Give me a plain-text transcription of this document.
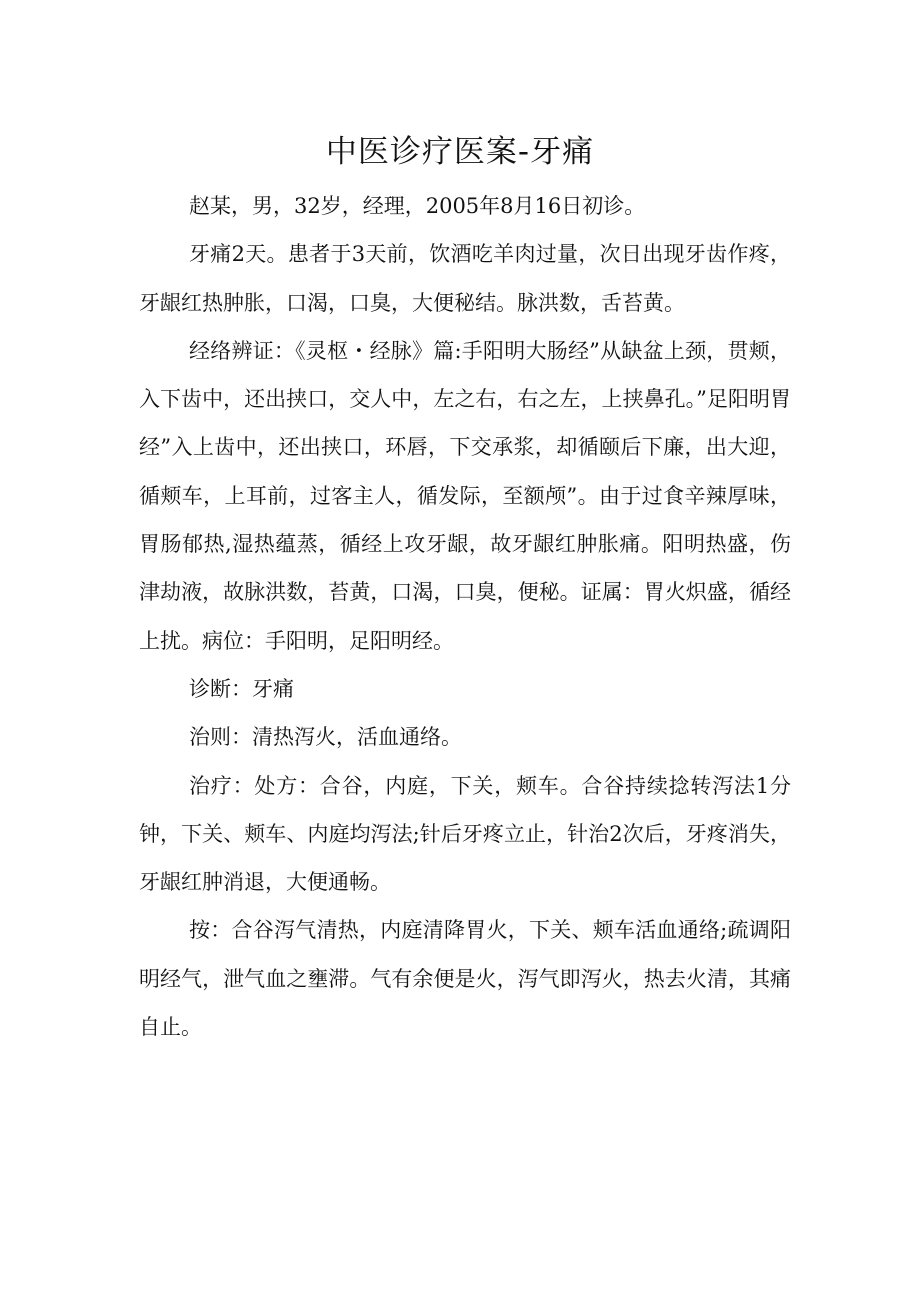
中医诊疗医案-牙痛

赵某，男，32岁，经理，2005年8月16日初诊。

牙痛2天。患者于3天前，饮酒吃羊肉过量，次日出现牙齿作疼，牙龈红热肿胀，口渴，口臭，大便秘结。脉洪数，舌苔黄。

经络辨证：《灵枢・经脉》篇:手阳明大肠经”从缺盆上颈，贯颊，入下齿中，还出挟口，交人中，左之右，右之左，上挟鼻孔。”足阳明胃经”入上齿中，还出挟口，环唇，下交承浆，却循颐后下廉，出大迎，循颊车，上耳前，过客主人，循发际，至额颅”。由于过食辛辣厚味，胃肠郁热,湿热蕴蒸，循经上攻牙龈，故牙龈红肿胀痛。阳明热盛，伤津劫液，故脉洪数，苔黄，口渴，口臭，便秘。证属：胃火炽盛，循经上扰。病位：手阳明，足阳明经。

诊断：牙痛

治则：清热泻火，活血通络。

治疗：处方：合谷，内庭，下关，颊车。合谷持续捻转泻法1分钟，下关、颊车、内庭均泻法;针后牙疼立止，针治2次后，牙疼消失，牙龈红肿消退，大便通畅。

按：合谷泻气清热，内庭清降胃火，下关、颊车活血通络;疏调阳明经气，泄气血之壅滞。气有余便是火，泻气即泻火，热去火清，其痛自止。
